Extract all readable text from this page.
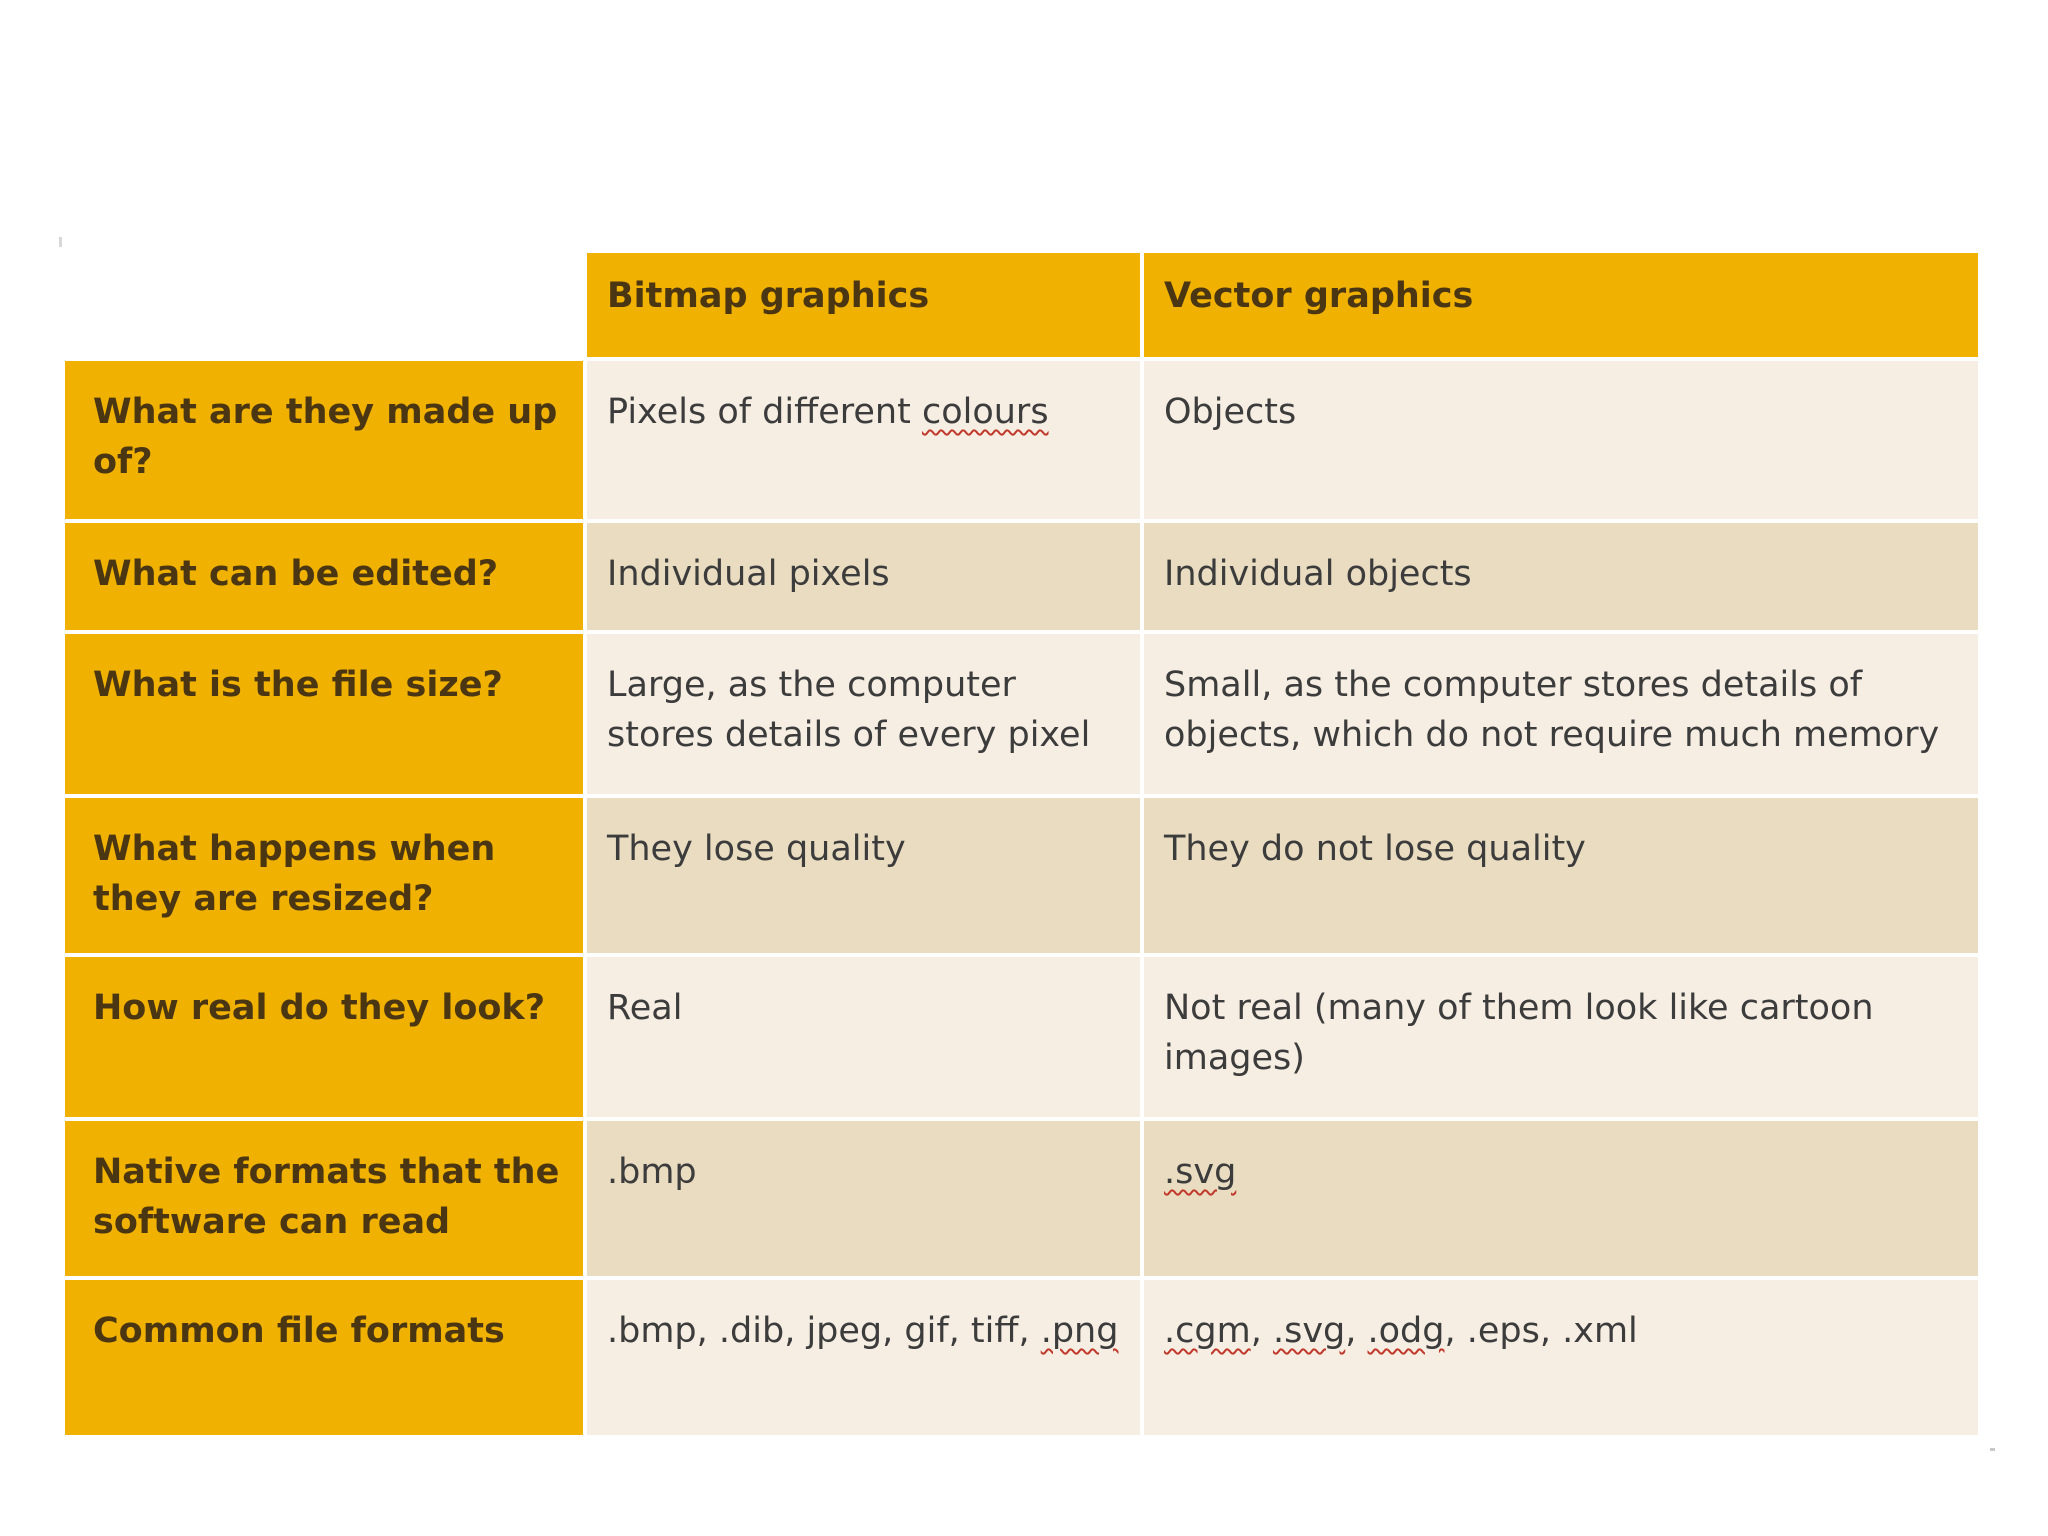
	Bitmap graphics	Vector graphics
What are they made up of?	Pixels of different colours	Objects
What can be edited?	Individual pixels	Individual objects
What is the file size?	Large, as the computer stores details of every pixel	Small, as the computer stores details of objects, which do not require much memory
What happens when they are resized?	They lose quality	They do not lose quality
How real do they look?	Real	Not real (many of them look like cartoon images)
Native formats that the software can read	.bmp	.svg
Common file formats	.bmp, .dib, jpeg, gif, tiff, .png	.cgm, .svg, .odg, .eps, .xml
